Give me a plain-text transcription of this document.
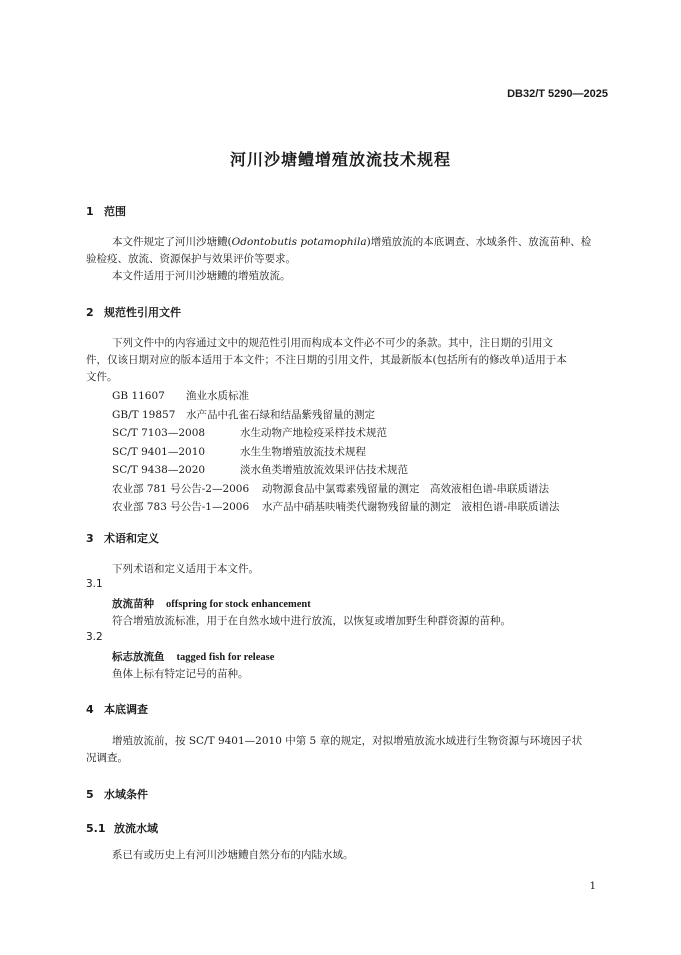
DB32/T 5290—2025
河川沙塘鳢增殖放流技术规程
1 范围
本文件规定了河川沙塘鳢(Odontobutis potamophila)增殖放流的本底调查、水域条件、放流苗种、检
验检疫、放流、资源保护与效果评价等要求。
本文件适用于河川沙塘鳢的增殖放流。
2 规范性引用文件
下列文件中的内容通过文中的规范性引用而构成本文件必不可少的条款。其中，注日期的引用文
件，仅该日期对应的版本适用于本文件；不注日期的引用文件，其最新版本(包括所有的修改单)适用于本
文件。
GB 11607 渔业水质标准
GB/T 19857 水产品中孔雀石绿和结晶紫残留量的测定
SC/T 7103—2008	水生动物产地检疫采样技术规范
SC/T 9401—2010	水生生物增殖放流技术规程
SC/T 9438—2020	淡水鱼类增殖放流效果评估技术规范
农业部 781 号公告-2—2006 动物源食品中氯霉素残留量的测定　高效液相色谱-串联质谱法
农业部 783 号公告-1—2006 水产品中硝基呋喃类代谢物残留量的测定　液相色谱-串联质谱法
3 术语和定义
下列术语和定义适用于本文件。
3.1
放流苗种 offspring for stock enhancement
符合增殖放流标准，用于在自然水域中进行放流，以恢复或增加野生种群资源的苗种。
3.2
标志放流鱼 tagged fish for release
鱼体上标有特定记号的苗种。
4 本底调查
增殖放流前，按 SC/T 9401—2010 中第 5 章的规定，对拟增殖放流水域进行生物资源与环境因子状
况调查。
5 水域条件
5.1 放流水域
系已有或历史上有河川沙塘鳢自然分布的内陆水域。
1
